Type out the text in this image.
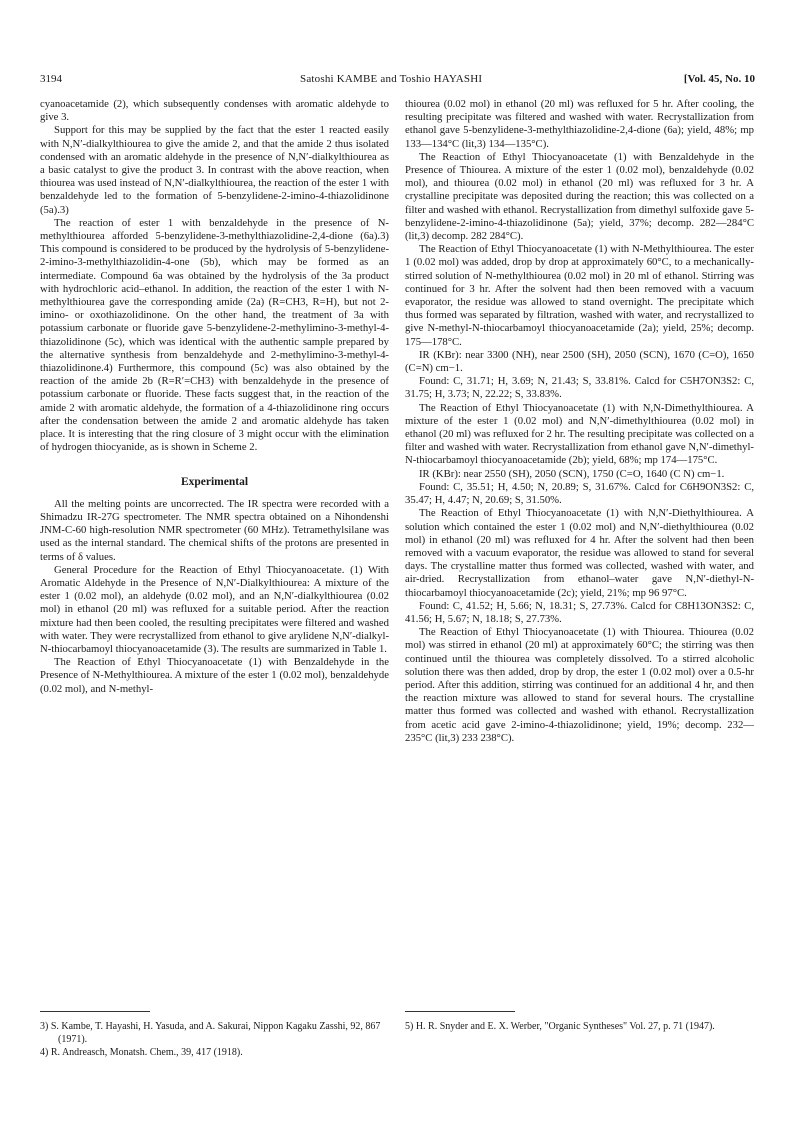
3194	Satoshi KAMBE and Toshio HAYASHI	[Vol. 45, No. 10

cyanoacetamide (2), which subsequently condenses with aromatic aldehyde to give 3.

Support for this may be supplied by the fact that the ester 1 reacted easily with N,N′-dialkylthiourea to give the amide 2, and that the amide 2 thus isolated condensed with an aromatic aldehyde in the presence of N,N′-dialkylthiourea as a basic catalyst to give the product 3. In contrast with the above reaction, when thiourea was used instead of N,N′-dialkylthiourea, the reaction of the ester 1 with benzaldehyde led to the formation of 5-benzylidene-2-imino-4-thiazolidinone (5a).3)

The reaction of ester 1 with benzaldehyde in the presence of N-methylthiourea afforded 5-benzylidene-3-methylthiazolidine-2,4-dione (6a).3) This compound is considered to be produced by the hydrolysis of 5-benzylidene-2-imino-3-methylthiazolidin-4-one (5b), which may be formed as an intermediate. Compound 6a was obtained by the hydrolysis of the 3a product with hydrochloric acid–ethanol. In addition, the reaction of the ester 1 with N-methylthiourea gave the corresponding amide (2a) (R=CH3, R=H), but not 2-imino- or oxothiazolidinone. On the other hand, the treatment of 3a with potassium carbonate or fluoride gave 5-benzylidene-2-methylimino-3-methyl-4-thiazolidinone (5c), which was identical with the authentic sample prepared by the alternative synthesis from benzaldehyde and 2-methylimino-3-methyl-4-thiazolidinone.4) Furthermore, this compound (5c) was also obtained by the reaction of the amide 2b (R=R′=CH3) with benzaldehyde in the presence of potassium carbonate or fluoride. These facts suggest that, in the reaction of the amide 2 with aromatic aldehyde, the formation of a 4-thiazolidinone ring occurs after the condensation between the amide 2 and aromatic aldehyde has taken place. It is interesting that the ring closure of 3 might occur with the elimination of hydrogen thiocyanide, as is shown in Scheme 2.

Experimental

All the melting points are uncorrected. The IR spectra were recorded with a Shimadzu IR-27G spectrometer. The NMR spectra obtained on a Nihondenshi JNM-C-60 high-resolution NMR spectrometer (60 MHz). Tetramethylsilane was used as the internal standard. The chemical shifts of the protons are presented in terms of δ values.

General Procedure for the Reaction of Ethyl Thiocyanoacetate. (1) With Aromatic Aldehyde in the Presence of N,N′-Dialkylthiourea: A mixture of the ester 1 (0.02 mol), an aldehyde (0.02 mol), and an N,N′-dialkylthiourea (0.02 mol) in ethanol (20 ml) was refluxed for a suitable period. After the reaction mixture had then been cooled, the resulting precipitates were filtered and washed with water. They were recrystallized from ethanol to give arylidene N,N′-dialkyl-N-thiocarbamoyl thiocyanoacetamide (3). The results are summarized in Table 1.

The Reaction of Ethyl Thiocyanoacetate (1) with Benzaldehyde in the Presence of N-Methylthiourea. A mixture of the ester 1 (0.02 mol), benzaldehyde (0.02 mol), and N-methyl-

thiourea (0.02 mol) in ethanol (20 ml) was refluxed for 5 hr. After cooling, the resulting precipitate was filtered and washed with water. Recrystallization from ethanol gave 5-benzylidene-3-methylthiazolidine-2,4-dione (6a); yield, 48%; mp 133—134°C (lit,3) 134—135°C).

The Reaction of Ethyl Thiocyanoacetate (1) with Benzaldehyde in the Presence of Thiourea. A mixture of the ester 1 (0.02 mol), benzaldehyde (0.02 mol), and thiourea (0.02 mol) in ethanol (20 ml) was refluxed for 3 hr. A crystalline precipitate was deposited during the reaction; this was collected on a filter and washed with ethanol. Recrystallization from dimethyl sulfoxide gave 5-benzylidene-2-imino-4-thiazolidinone (5a); yield, 37%; decomp. 282—284°C (lit,3) decomp. 282 284°C).

The Reaction of Ethyl Thiocyanoacetate (1) with N-Methylthiourea. The ester 1 (0.02 mol) was added, drop by drop at approximately 60°C, to a mechanically-stirred solution of N-methylthiourea (0.02 mol) in 20 ml of ethanol. Stirring was continued for 3 hr. After the solvent had then been removed with a vacuum evaporator, the residue was allowed to stand overnight. The precipitate which thus formed was separated by filtration, washed with water, and recrystallized to give N-methyl-N-thiocarbamoyl thiocyanoacetamide (2a); yield, 25%; decomp. 175—178°C.

IR (KBr): near 3300 (NH), near 2500 (SH), 2050 (SCN), 1670 (C=O), 1650 (C=N) cm−1.

Found: C, 31.71; H, 3.69; N, 21.43; S, 33.81%. Calcd for C5H7ON3S2: C, 31.75; H, 3.73; N, 22.22; S, 33.83%.

The Reaction of Ethyl Thiocyanoacetate (1) with N,N-Dimethylthiourea. A mixture of the ester 1 (0.02 mol) and N,N′-dimethylthiourea (0.02 mol) in ethanol (20 ml) was refluxed for 2 hr. The resulting precipitate was collected on a filter and washed with water. Recrystallization from ethanol gave N,N′-dimethyl-N-thiocarbamoyl thiocyanoacetamide (2b); yield, 68%; mp 174—175°C.

IR (KBr): near 2550 (SH), 2050 (SCN), 1750 (C=O, 1640 (C N) cm−1.

Found: C, 35.51; H, 4.50; N, 20.89; S, 31.67%. Calcd for C6H9ON3S2: C, 35.47; H, 4.47; N, 20.69; S, 31.50%.

The Reaction of Ethyl Thiocyanoacetate (1) with N,N′-Diethylthiourea. A solution which contained the ester 1 (0.02 mol) and N,N′-diethylthiourea (0.02 mol) in ethanol (20 ml) was refluxed for 4 hr. After the solvent had then been removed with a vacuum evaporator, the residue was allowed to stand for several days. The crystalline matter thus formed was collected, washed with water, and air-dried. Recrystallization from ethanol–water gave N,N′-diethyl-N-thiocarbamoyl thiocyanoacetamide (2c); yield, 21%; mp 96 97°C.

Found: C, 41.52; H, 5.66; N, 18.31; S, 27.73%. Calcd for C8H13ON3S2: C, 41.56; H, 5.67; N, 18.18; S, 27.73%.

The Reaction of Ethyl Thiocyanoacetate (1) with Thiourea. Thiourea (0.02 mol) was stirred in ethanol (20 ml) at approximately 60°C; the stirring was then continued until the thiourea was completely dissolved. To a stirred alcoholic solution there was then added, drop by drop, the ester 1 (0.02 mol) over a 0.5-hr period. After this addition, stirring was continued for an additional 4 hr, and then the reaction mixture was allowed to stand for several hours. The crystalline matter thus formed was collected and washed with ethanol. Recrystallization from acetic acid gave 2-imino-4-thiazolidinone; yield, 19%; decomp. 232—235°C (lit,3) 233 238°C).

3) S. Kambe, T. Hayashi, H. Yasuda, and A. Sakurai, Nippon Kagaku Zasshi, 92, 867 (1971).

4) R. Andreasch, Monatsh. Chem., 39, 417 (1918).

5) H. R. Snyder and E. X. Werber, "Organic Syntheses" Vol. 27, p. 71 (1947).
